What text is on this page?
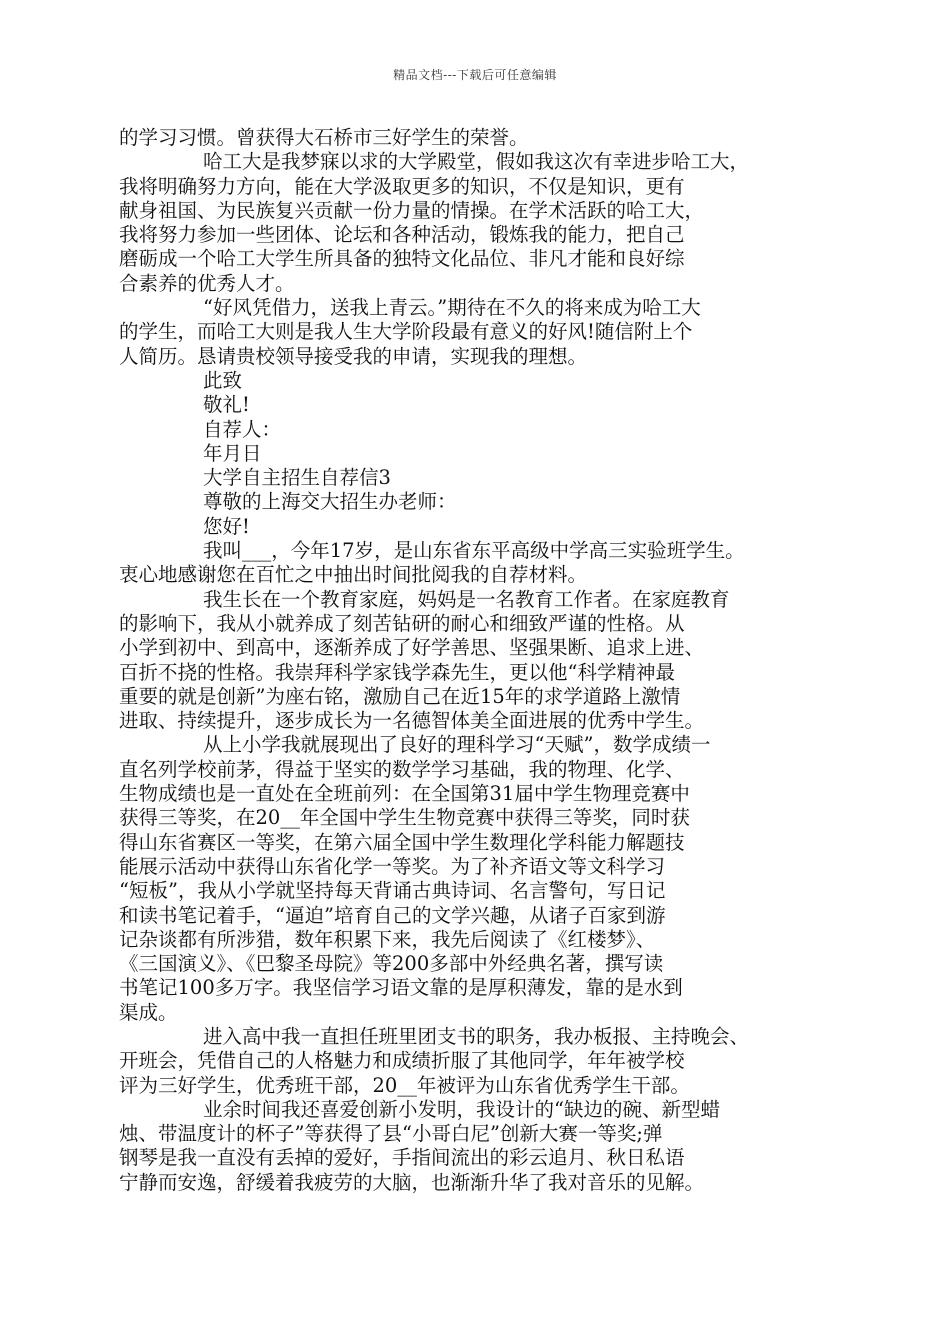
精品文档---下载后可任意编辑
的学习习惯。曾获得大石桥市三好学生的荣誉。
哈工大是我梦寐以求的大学殿堂，假如我这次有幸进步哈工大，
我将明确努力方向，能在大学汲取更多的知识，不仅是知识，更有
献身祖国、为民族复兴贡献一份力量的情操。在学术活跃的哈工大，
我将努力参加一些团体、论坛和各种活动，锻炼我的能力，把自己
磨砺成一个哈工大学生所具备的独特文化品位、非凡才能和良好综
合素养的优秀人才。
“好风凭借力，送我上青云。”期待在不久的将来成为哈工大
的学生，而哈工大则是我人生大学阶段最有意义的好风!随信附上个
人简历。恳请贵校领导接受我的申请，实现我的理想。
此致
敬礼!
自荐人：
年月日
大学自主招生自荐信3
尊敬的上海交大招生办老师：
您好!
我叫___，今年17岁，是山东省东平高级中学高三实验班学生。
衷心地感谢您在百忙之中抽出时间批阅我的自荐材料。
我生长在一个教育家庭，妈妈是一名教育工作者。在家庭教育
的影响下，我从小就养成了刻苦钻研的耐心和细致严谨的性格。从
小学到初中、到高中，逐渐养成了好学善思、坚强果断、追求上进、
百折不挠的性格。我崇拜科学家钱学森先生，更以他“科学精神最
重要的就是创新”为座右铭，激励自己在近15年的求学道路上激情
进取、持续提升，逐步成长为一名德智体美全面进展的优秀中学生。
从上小学我就展现出了良好的理科学习“天赋”，数学成绩一
直名列学校前茅，得益于坚实的数学学习基础，我的物理、化学、
生物成绩也是一直处在全班前列：在全国第31届中学生物理竞赛中
获得三等奖，在20__年全国中学生生物竞赛中获得三等奖，同时获
得山东省赛区一等奖，在第六届全国中学生数理化学科能力解题技
能展示活动中获得山东省化学一等奖。为了补齐语文等文科学习
“短板”，我从小学就坚持每天背诵古典诗词、名言警句，写日记
和读书笔记着手，“逼迫”培育自己的文学兴趣，从诸子百家到游
记杂谈都有所涉猎，数年积累下来，我先后阅读了《红楼梦》、
《三国演义》、《巴黎圣母院》等200多部中外经典名著，撰写读
书笔记100多万字。我坚信学习语文靠的是厚积薄发，靠的是水到
渠成。
进入高中我一直担任班里团支书的职务，我办板报、主持晚会、
开班会，凭借自己的人格魅力和成绩折服了其他同学，年年被学校
评为三好学生，优秀班干部，20__年被评为山东省优秀学生干部。
业余时间我还喜爱创新小发明，我设计的“缺边的碗、新型蜡
烛、带温度计的杯子”等获得了县“小哥白尼”创新大赛一等奖;弹
钢琴是我一直没有丢掉的爱好，手指间流出的彩云追月、秋日私语
宁静而安逸，舒缓着我疲劳的大脑，也渐渐升华了我对音乐的见解。
